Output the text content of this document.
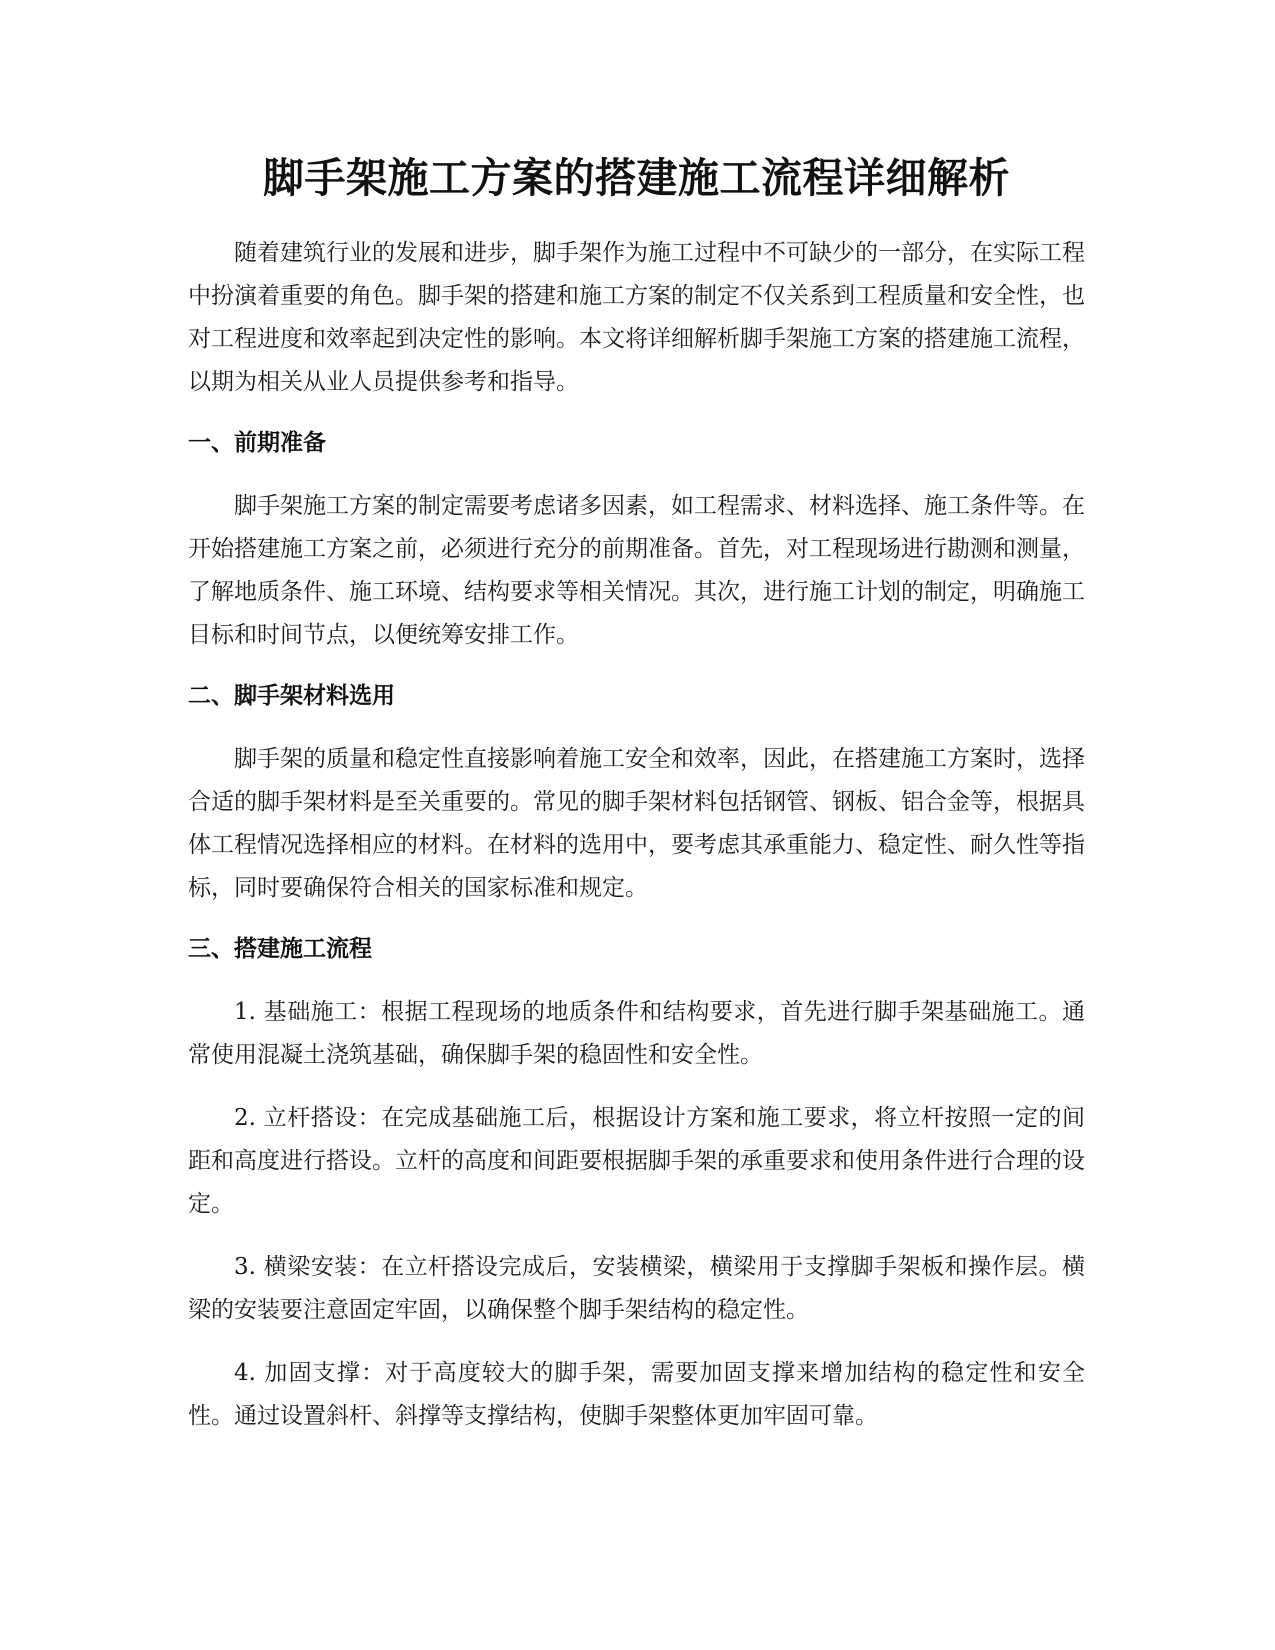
脚手架施工方案的搭建施工流程详细解析

随着建筑行业的发展和进步，脚手架作为施工过程中不可缺少的一部分，在实际工程中扮演着重要的角色。脚手架的搭建和施工方案的制定不仅关系到工程质量和安全性，也对工程进度和效率起到决定性的影响。本文将详细解析脚手架施工方案的搭建施工流程，以期为相关从业人员提供参考和指导。

一、前期准备

脚手架施工方案的制定需要考虑诸多因素，如工程需求、材料选择、施工条件等。在开始搭建施工方案之前，必须进行充分的前期准备。首先，对工程现场进行勘测和测量，了解地质条件、施工环境、结构要求等相关情况。其次，进行施工计划的制定，明确施工目标和时间节点，以便统筹安排工作。

二、脚手架材料选用

脚手架的质量和稳定性直接影响着施工安全和效率，因此，在搭建施工方案时，选择合适的脚手架材料是至关重要的。常见的脚手架材料包括钢管、钢板、铝合金等，根据具体工程情况选择相应的材料。在材料的选用中，要考虑其承重能力、稳定性、耐久性等指标，同时要确保符合相关的国家标准和规定。

三、搭建施工流程

1. 基础施工：根据工程现场的地质条件和结构要求，首先进行脚手架基础施工。通常使用混凝土浇筑基础，确保脚手架的稳固性和安全性。

2. 立杆搭设：在完成基础施工后，根据设计方案和施工要求，将立杆按照一定的间距和高度进行搭设。立杆的高度和间距要根据脚手架的承重要求和使用条件进行合理的设定。

3. 横梁安装：在立杆搭设完成后，安装横梁，横梁用于支撑脚手架板和操作层。横梁的安装要注意固定牢固，以确保整个脚手架结构的稳定性。

4. 加固支撑：对于高度较大的脚手架，需要加固支撑来增加结构的稳定性和安全性。通过设置斜杆、斜撑等支撑结构，使脚手架整体更加牢固可靠。
